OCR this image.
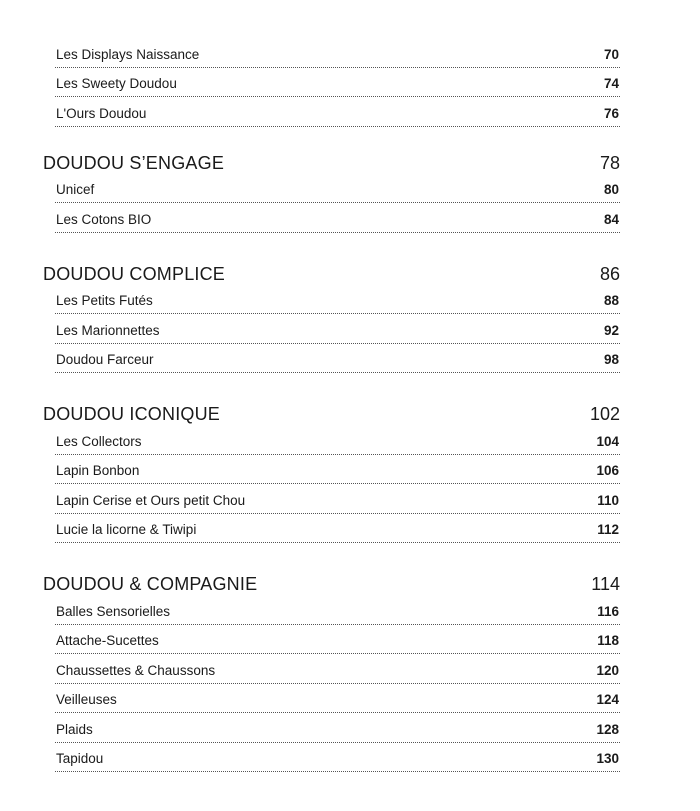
Les Displays Naissance	70
Les Sweety Doudou	74
L'Ours Doudou	76
DOUDOU S’ENGAGE	78
Unicef	80
Les Cotons BIO	84
DOUDOU COMPLICE	86
Les Petits Futés	88
Les Marionnettes	92
Doudou Farceur	98
DOUDOU ICONIQUE	102
Les Collectors	104
Lapin Bonbon	106
Lapin Cerise et Ours petit Chou	110
Lucie la licorne & Tiwipi	112
DOUDOU & COMPAGNIE	114
Balles Sensorielles	116
Attache-Sucettes	118
Chaussettes & Chaussons	120
Veilleuses	124
Plaids	128
Tapidou	130
